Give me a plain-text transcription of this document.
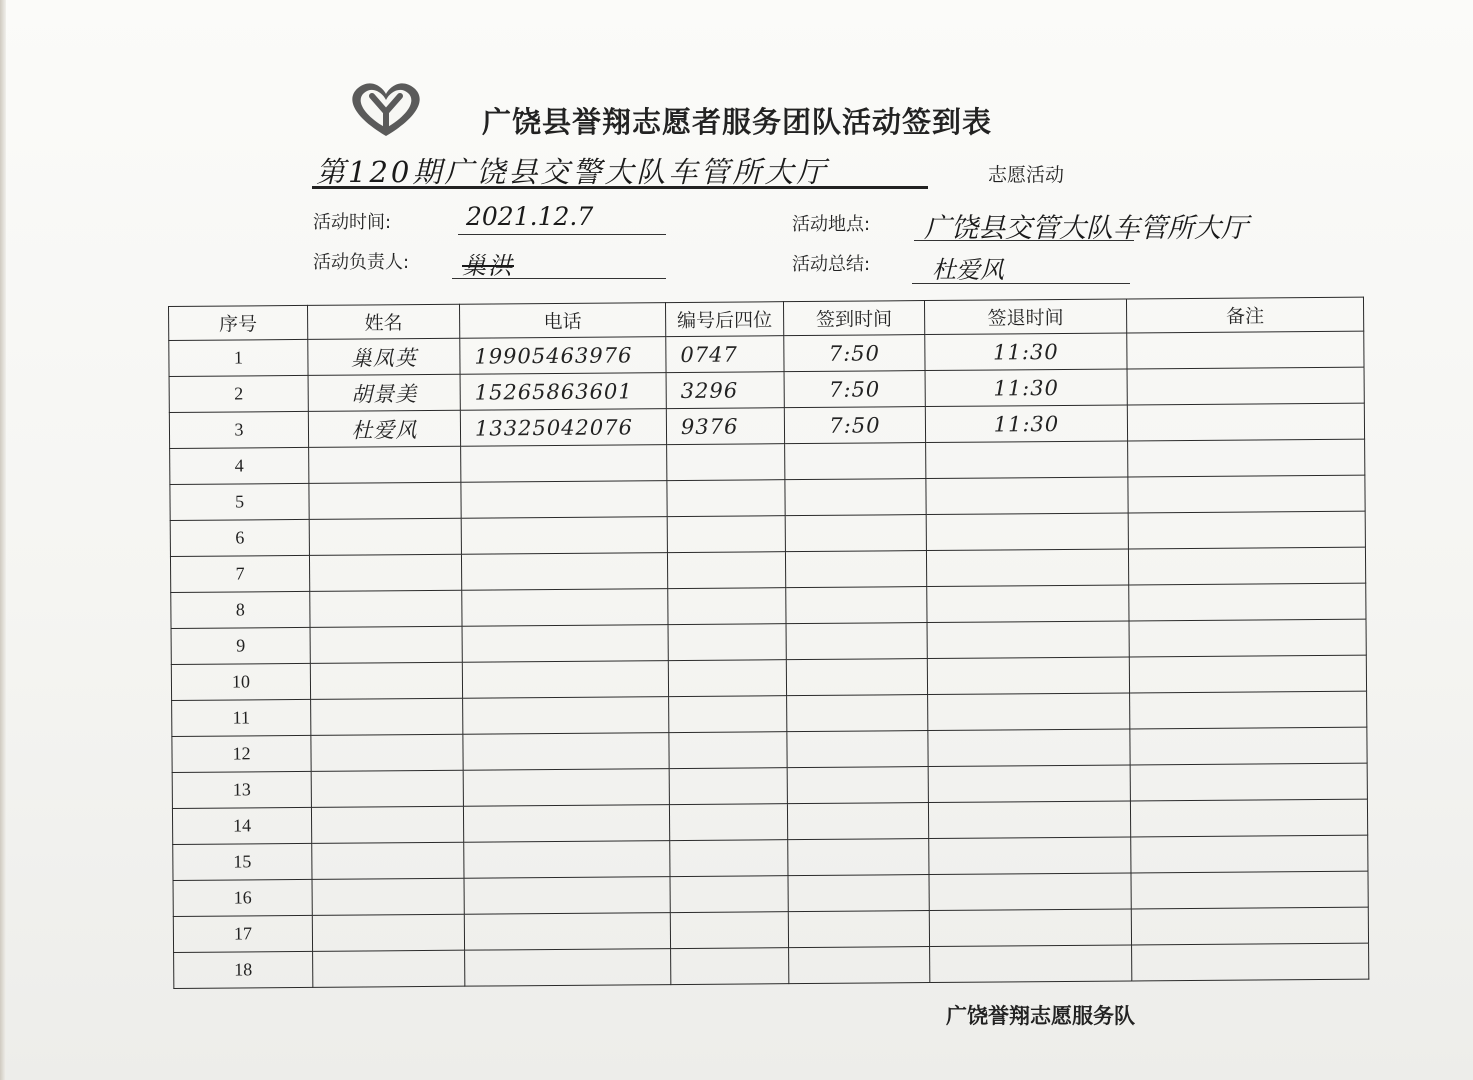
广饶县誉翔志愿者服务团队活动签到表
第120期广饶县交警大队车管所大厅	志愿活动
活动时间:	2021.12.7	活动地点: 广饶县交管大队车管所大厅
活动负责人: 巢洪	活动总结:	杜爱风
序号	姓名	电话	编号后四位	签到时间	签退时间	备注
1	巢凤英	19905463976	0747	7:50	11:30	
2	胡景美	15265863601	3296	7:50	11:30	
3	杜爱风	13325042076	9376	7:50	11:30	
4						
5						
6						
7						
8						
9						
10						
11						
12						
13						
14						
15						
16						
17						
18						
广饶誉翔志愿服务队
